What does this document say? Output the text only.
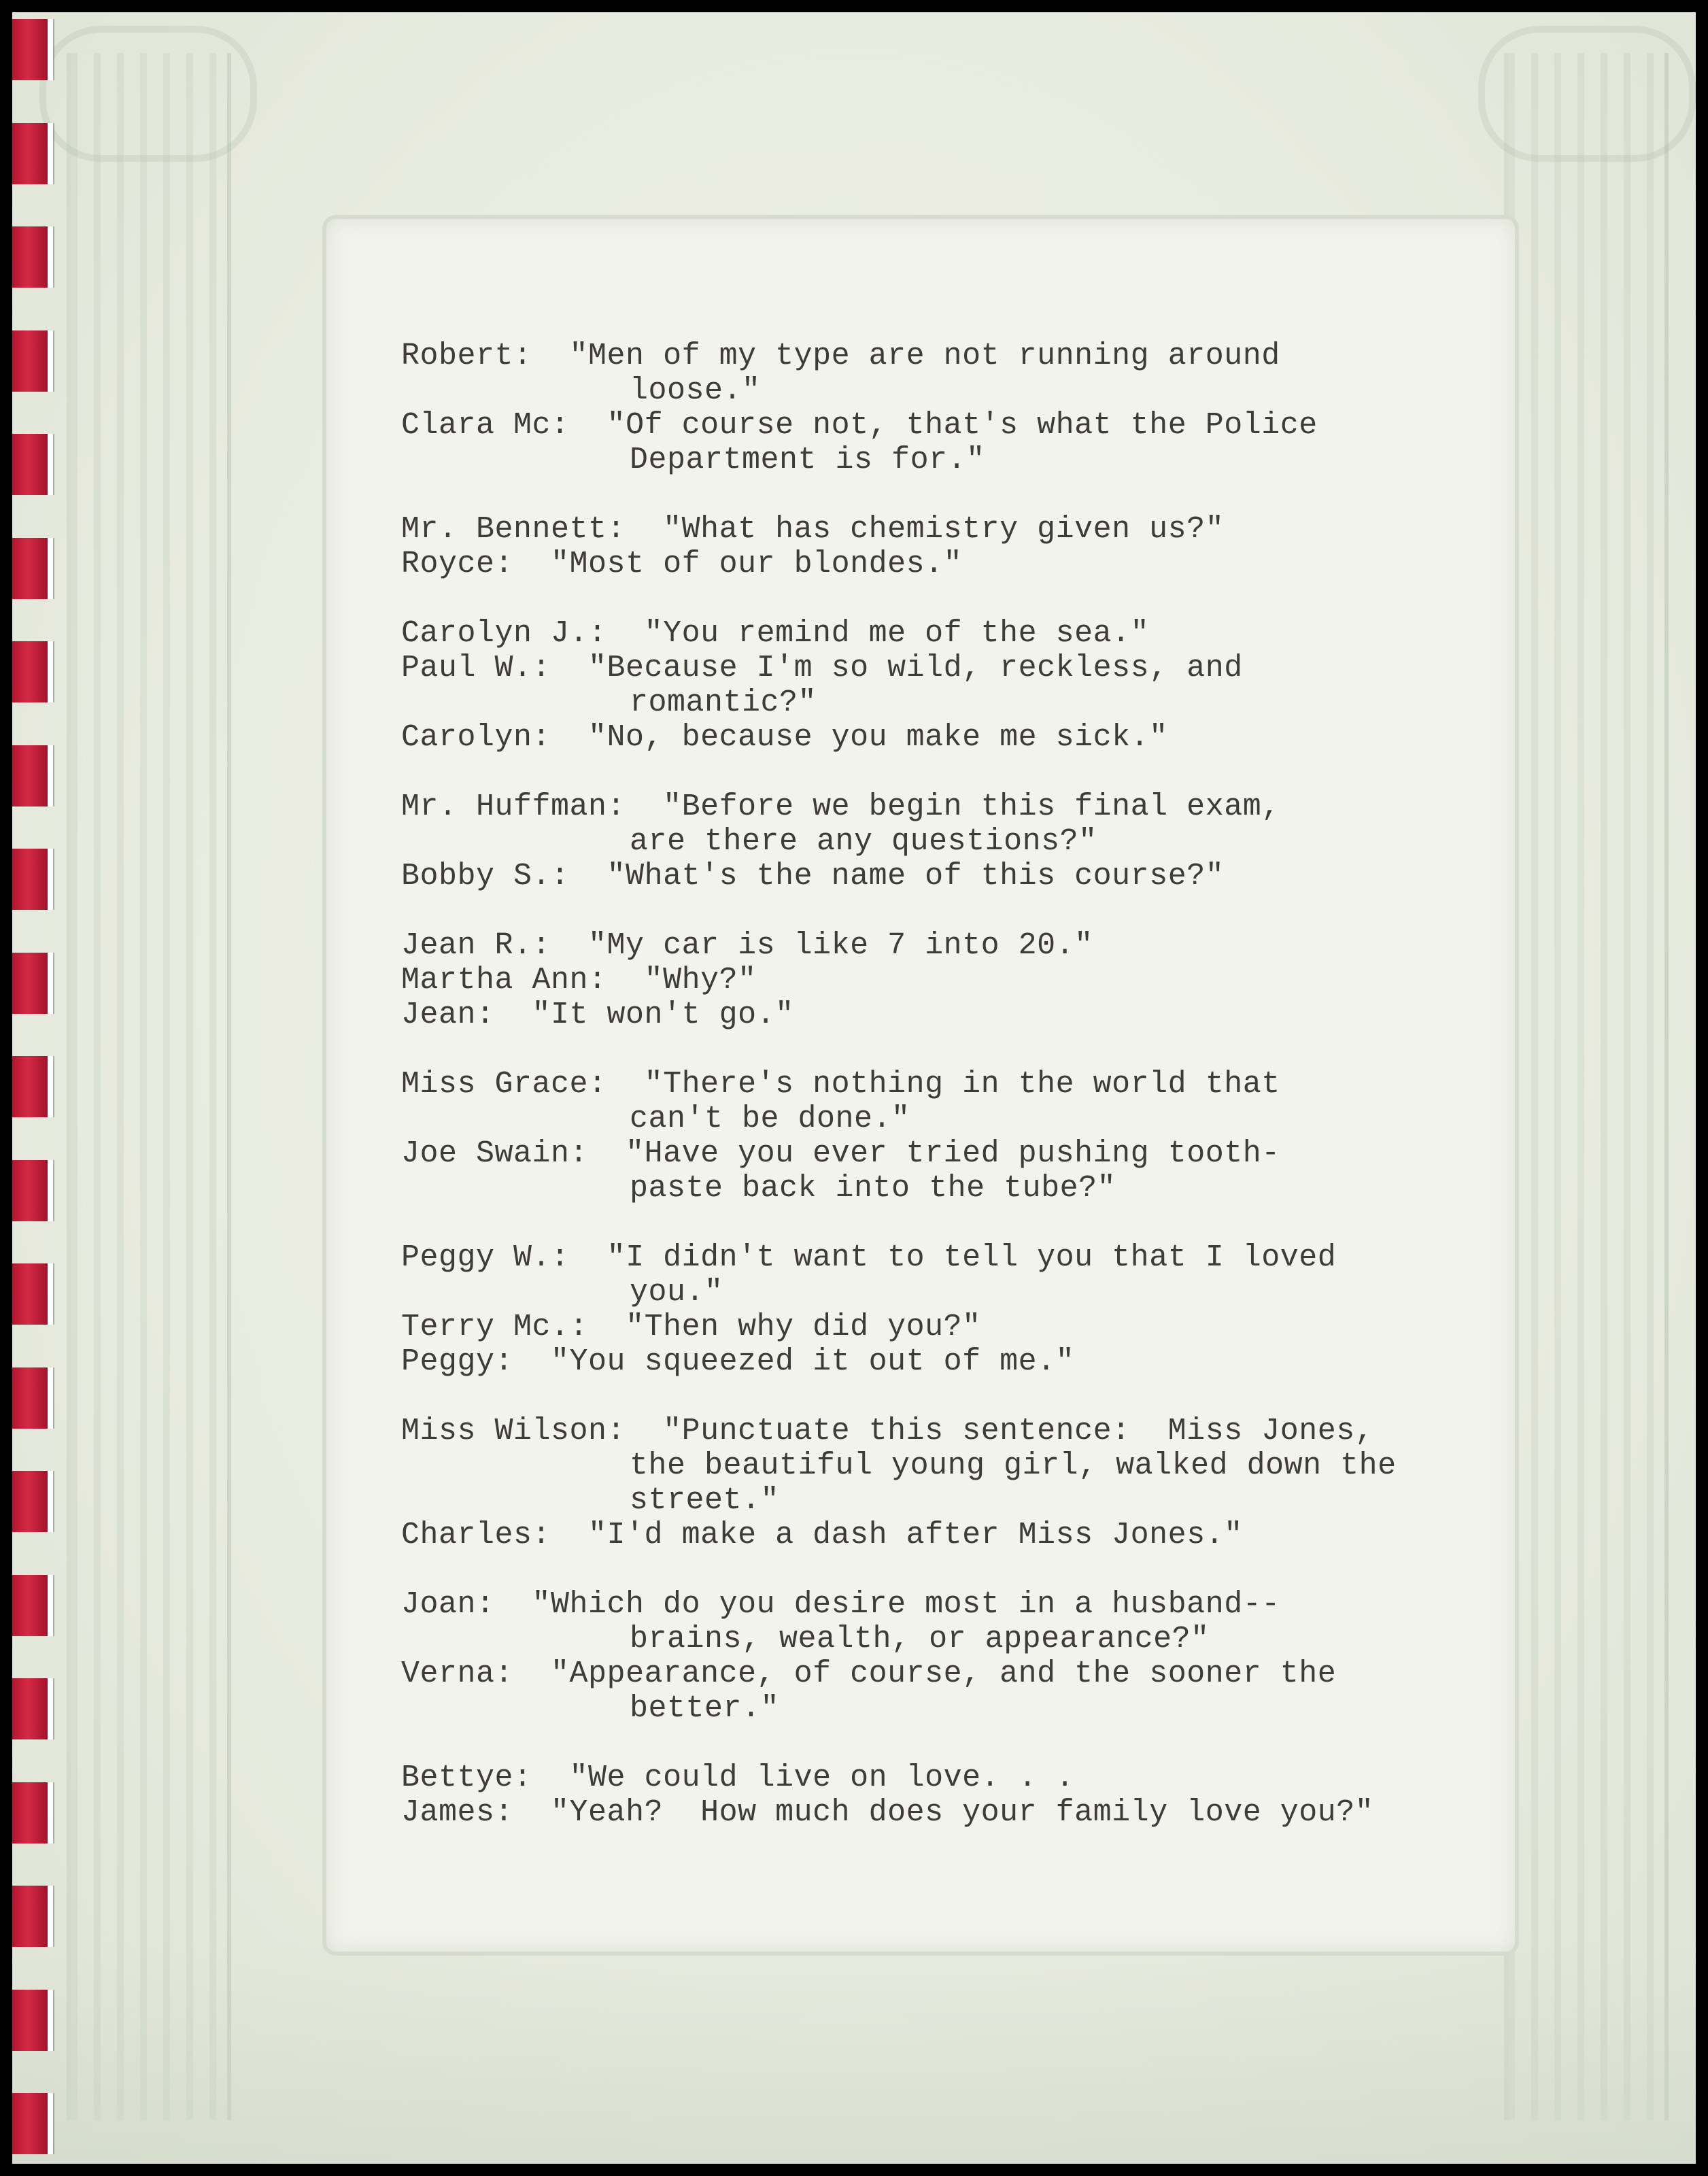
Robert: "Men of my type are not running around
loose."
Clara Mc: "Of course not, that's what the Police
Department is for."
Mr. Bennett: "What has chemistry given us?"
Royce: "Most of our blondes."
Carolyn J.: "You remind me of the sea."
Paul W.: "Because I'm so wild, reckless, and
romantic?"
Carolyn: "No, because you make me sick."
Mr. Huffman: "Before we begin this final exam,
are there any questions?"
Bobby S.: "What's the name of this course?"
Jean R.: "My car is like 7 into 20."
Martha Ann: "Why?"
Jean: "It won't go."
Miss Grace: "There's nothing in the world that
can't be done."
Joe Swain: "Have you ever tried pushing tooth-
paste back into the tube?"
Peggy W.: "I didn't want to tell you that I loved
you."
Terry Mc.: "Then why did you?"
Peggy: "You squeezed it out of me."
Miss Wilson: "Punctuate this sentence:  Miss Jones,
the beautiful young girl, walked down the
street."
Charles: "I'd make a dash after Miss Jones."
Joan: "Which do you desire most in a husband--
brains, wealth, or appearance?"
Verna: "Appearance, of course, and the sooner the
better."
Bettye: "We could live on love. . .
James: "Yeah?  How much does your family love you?"
